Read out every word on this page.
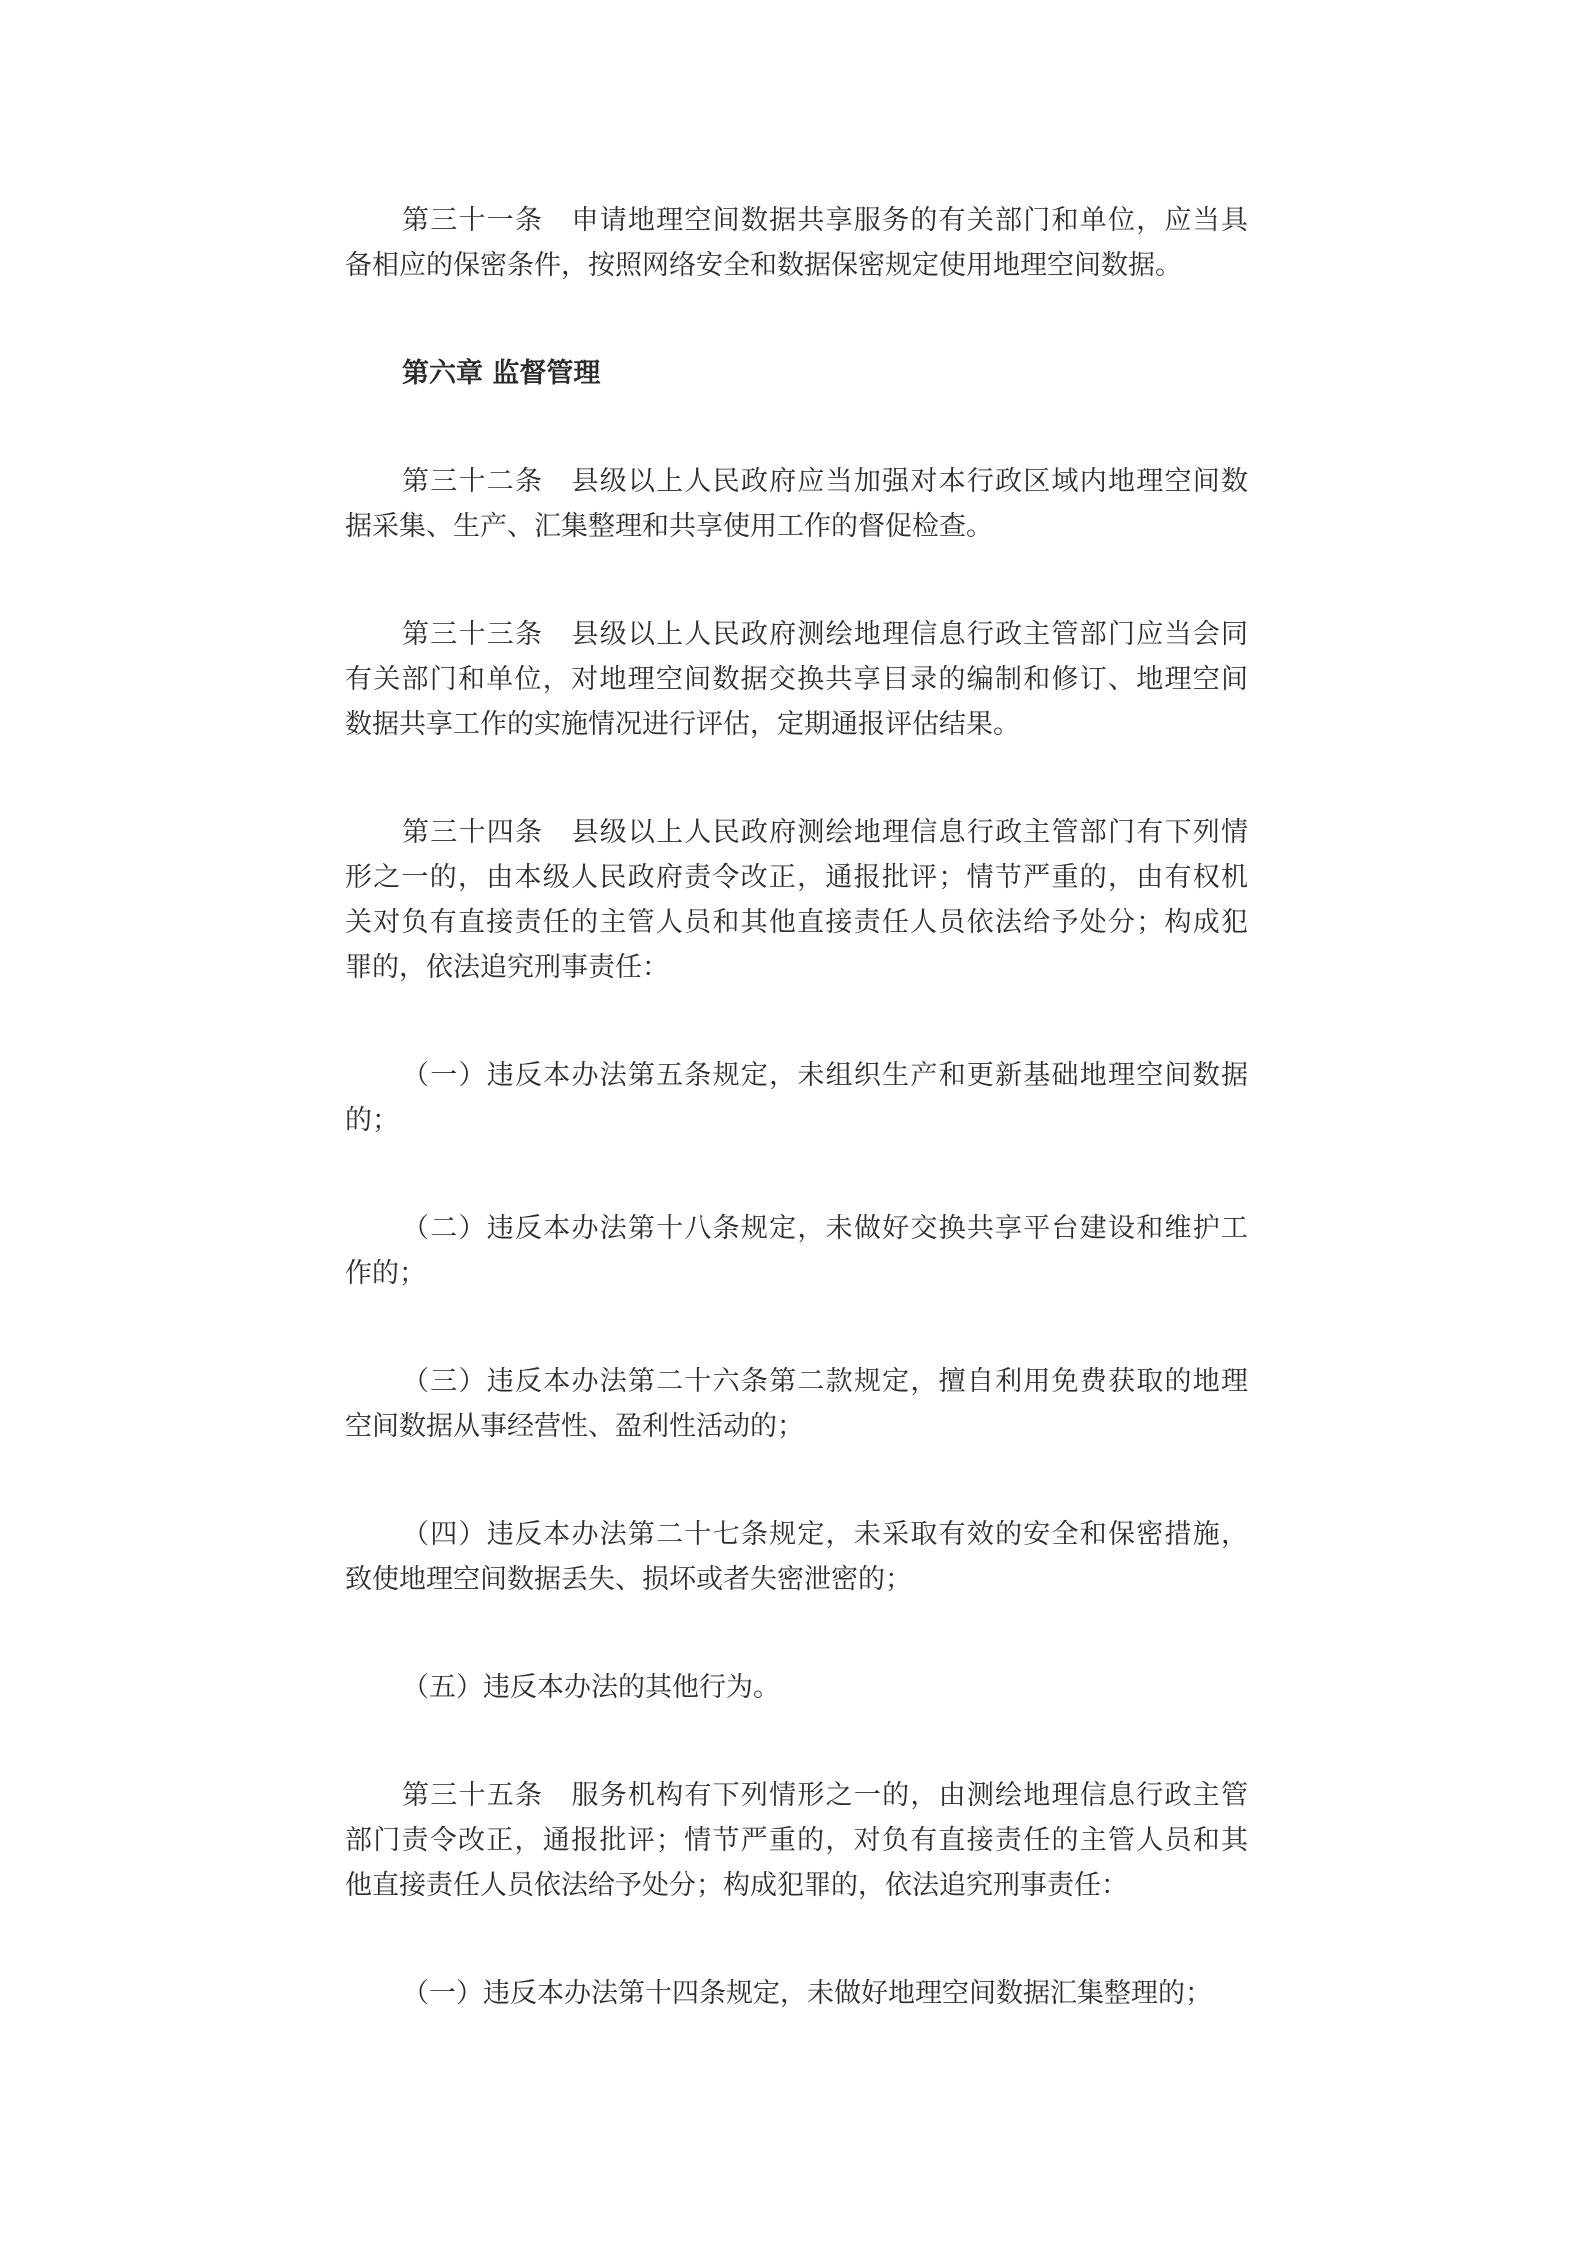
第三十一条　申请地理空间数据共享服务的有关部门和单位，应当具
备相应的保密条件，按照网络安全和数据保密规定使用地理空间数据。
第六章 监督管理
第三十二条　县级以上人民政府应当加强对本行政区域内地理空间数
据采集、生产、汇集整理和共享使用工作的督促检查。
第三十三条　县级以上人民政府测绘地理信息行政主管部门应当会同
有关部门和单位，对地理空间数据交换共享目录的编制和修订、地理空间
数据共享工作的实施情况进行评估，定期通报评估结果。
第三十四条　县级以上人民政府测绘地理信息行政主管部门有下列情
形之一的，由本级人民政府责令改正，通报批评；情节严重的，由有权机
关对负有直接责任的主管人员和其他直接责任人员依法给予处分；构成犯
罪的，依法追究刑事责任：
（一）违反本办法第五条规定，未组织生产和更新基础地理空间数据
的；
（二）违反本办法第十八条规定，未做好交换共享平台建设和维护工
作的；
（三）违反本办法第二十六条第二款规定，擅自利用免费获取的地理
空间数据从事经营性、盈利性活动的；
（四）违反本办法第二十七条规定，未采取有效的安全和保密措施，
致使地理空间数据丢失、损坏或者失密泄密的；
（五）违反本办法的其他行为。
第三十五条　服务机构有下列情形之一的，由测绘地理信息行政主管
部门责令改正，通报批评；情节严重的，对负有直接责任的主管人员和其
他直接责任人员依法给予处分；构成犯罪的，依法追究刑事责任：
（一）违反本办法第十四条规定，未做好地理空间数据汇集整理的；
